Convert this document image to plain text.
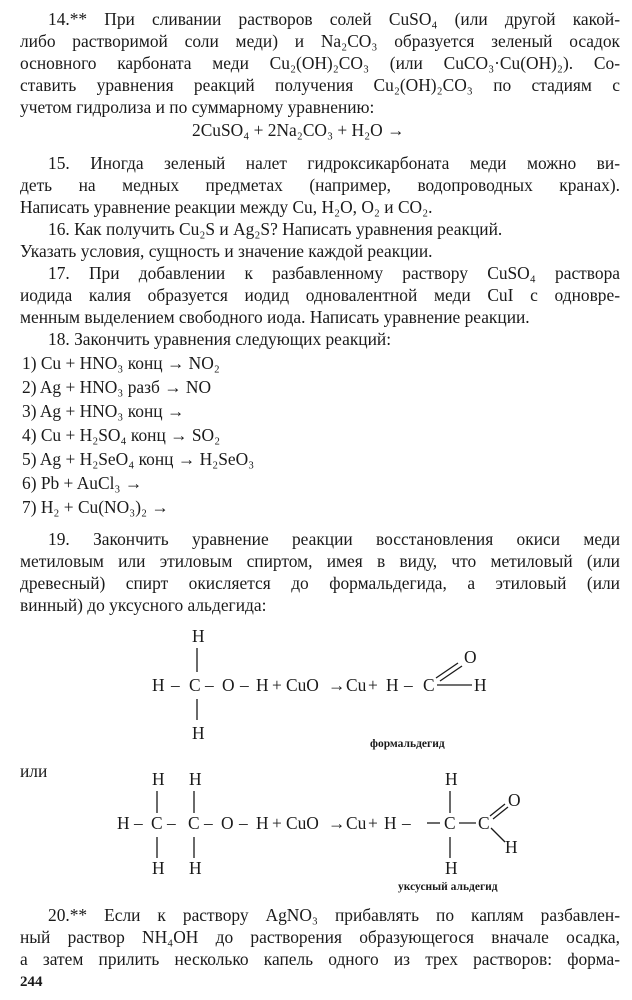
14.** При сливании растворов солей CuSO₄ (или другой какой-
либо растворимой соли меди) и Na₂CO₃ образуется зеленый осадок
основного карбоната меди Cu₂(OH)₂CO₃ (или CuCO₃·Cu(OH)₂). Со-
ставить уравнения реакций получения Cu₂(OH)₂CO₃ по стадиям с
учетом гидролиза и по суммарному уравнению:
2CuSO₄ + 2Na₂CO₃ + H₂O →
15. Иногда зеленый налет гидроксикарбоната меди можно ви-
деть на медных предметах (например, водопроводных кранах).
Написать уравнение реакции между Cu, H₂O, O₂ и CO₂.
16. Как получить Cu₂S и Ag₂S? Написать уравнения реакций.
Указать условия, сущность и значение каждой реакции.
17. При добавлении к разбавленному раствору CuSO₄ раствора
иодида калия образуется иодид одновалентной меди CuI с одновре-
менным выделением свободного иода. Написать уравнение реакции.
18. Закончить уравнения следующих реакций:
1) Cu + HNO₃ конц → NO₂
2) Ag + HNO₃ разб → NO
3) Ag + HNO₃ конц →
4) Cu + H₂SO₄ конц → SO₂
5) Ag + H₂SeO₄ конц → H₂SeO₃
6) Pb + AuCl₃ →
7) H₂ + Cu(NO₃)₂ →
19. Закончить уравнение реакции восстановления окиси меди
метиловым или этиловым спиртом, имея в виду, что метиловый (или
древесный) спирт окисляется до формальдегида, а этиловый (или
винный) до уксусного альдегида:
H
H – C – O – H + CuO → Cu + H – C H
O
H
формальдегид
или	H H	H
O
H – C – C – O – H + CuO → Cu + H – C C
H
H H	H
уксусный альдегид
20.** Если к раствору AgNO₃ прибавлять по каплям разбавлен-
ный раствор NH₄OH до растворения образующегося вначале осадка,
а затем прилить несколько капель одного из трех растворов: форма-
244
